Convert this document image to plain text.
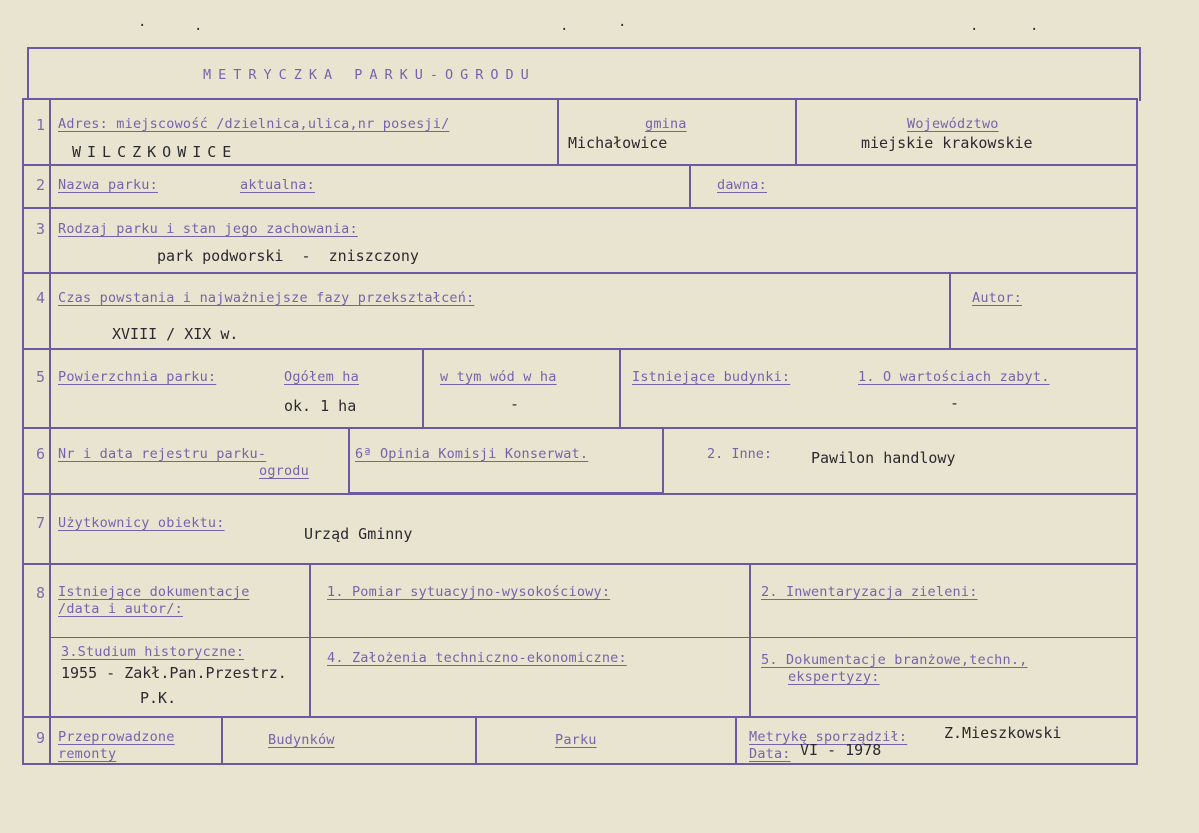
·	·	·	·	·	·
METRYCZKA PARKU-OGRODU
1 Adres: miejscowość /dzielnica,ulica,nr posesji/
WILCZKOWICE
gmina
Michałowice
Województwo
miejskie krakowskie
2 Nazwa parku:	aktualna:	dawna:
3 Rodzaj parku i stan jego zachowania:
park podworski  -  zniszczony
4 Czas powstania i najważniejsze fazy przekształceń:
XVIII / XIX w.
Autor:
5 Powierzchnia parku:	Ogółem ha
ok. 1 ha
w tym wód w ha
-
Istniejące budynki:	1. O wartościach zabyt.
-
6 Nr i data rejestru parku-
ogrodu
6ª Opinia Komisji Konserwat.	2. Inne:	Pawilon handlowy
7 Użytkownicy obiektu:
Urząd Gminny
8 Istniejące dokumentacje
/data i autor/:
1. Pomiar sytuacyjno-wysokościowy:	2. Inwentaryzacja zieleni:
3.Studium historyczne:
1955 - Zakł.Pan.Przestrz.
P.K.
4. Założenia techniczno-ekonomiczne:	5. Dokumentacje branżowe,techn.,
ekspertyzy:
9 Przeprowadzone
remonty
Budynków	Parku	Metrykę sporządził: Z.Mieszkowski
Data: VI - 1978
